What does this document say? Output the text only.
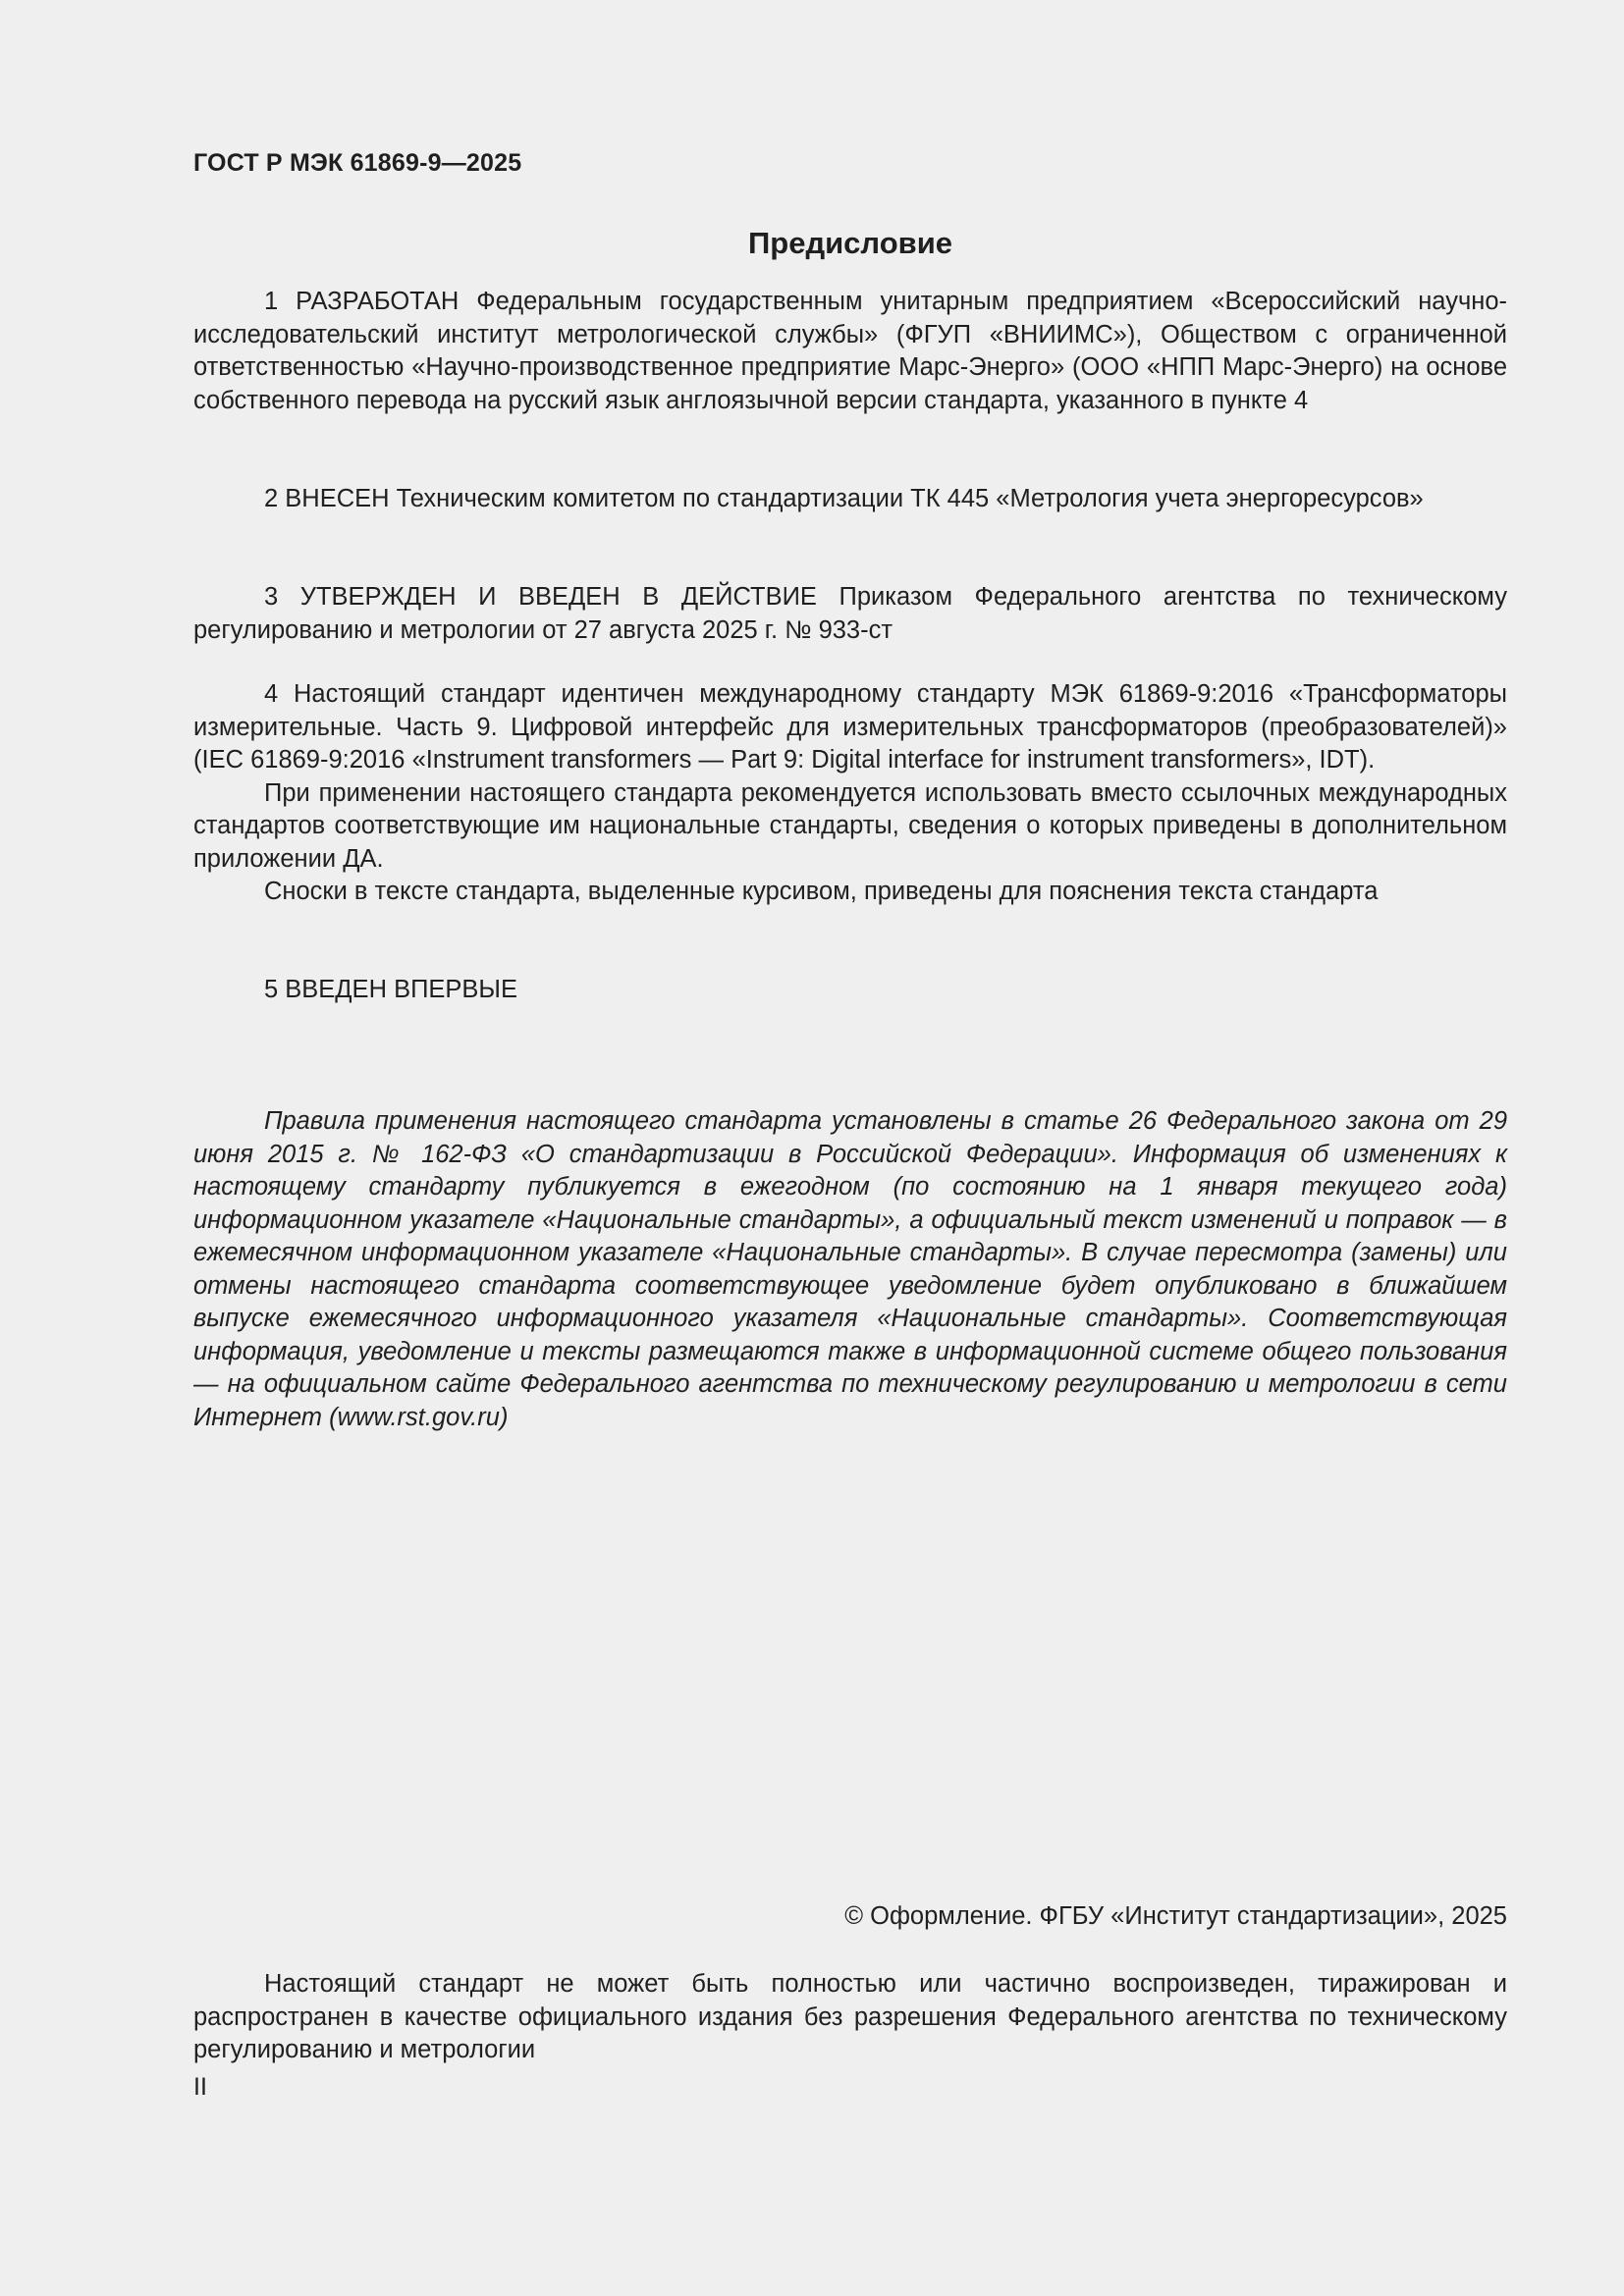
ГОСТ Р МЭК 61869-9—2025
Предисловие

1 РАЗРАБОТАН Федеральным государственным унитарным предприятием «Всероссийский научно-исследовательский институт метрологической службы» (ФГУП «ВНИИМС»), Обществом с ограниченной ответственностью «Научно-производственное предприятие Марс-Энерго» (ООО «НПП Марс-Энерго) на основе собственного перевода на русский язык англоязычной версии стандарта, указанного в пункте 4

2 ВНЕСЕН Техническим комитетом по стандартизации ТК 445 «Метрология учета энергоресурсов»

3 УТВЕРЖДЕН И ВВЕДЕН В ДЕЙСТВИЕ Приказом Федерального агентства по техническому регулированию и метрологии от 27 августа 2025 г. № 933-ст

4 Настоящий стандарт идентичен международному стандарту МЭК 61869-9:2016 «Трансформаторы измерительные. Часть 9. Цифровой интерфейс для измерительных трансформаторов (преобразователей)» (IEC 61869-9:2016 «Instrument transformers — Part 9: Digital interface for instrument transformers», IDT).

При применении настоящего стандарта рекомендуется использовать вместо ссылочных международных стандартов соответствующие им национальные стандарты, сведения о которых приведены в дополнительном приложении ДА.

Сноски в тексте стандарта, выделенные курсивом, приведены для пояснения текста стандарта

5 ВВЕДЕН ВПЕРВЫЕ

Правила применения настоящего стандарта установлены в статье 26 Федерального закона от 29 июня 2015 г. № 162-ФЗ «О стандартизации в Российской Федерации». Информация об изменениях к настоящему стандарту публикуется в ежегодном (по состоянию на 1 января текущего года) информационном указателе «Национальные стандарты», а официальный текст изменений и поправок — в ежемесячном информационном указателе «Национальные стандарты». В случае пересмотра (замены) или отмены настоящего стандарта соответствующее уведомление будет опубликовано в ближайшем выпуске ежемесячного информационного указателя «Национальные стандарты». Соответствующая информация, уведомление и тексты размещаются также в информационной системе общего пользования — на официальном сайте Федерального агентства по техническому регулированию и метрологии в сети Интернет (www.rst.gov.ru)

© Оформление. ФГБУ «Институт стандартизации», 2025

Настоящий стандарт не может быть полностью или частично воспроизведен, тиражирован и распространен в качестве официального издания без разрешения Федерального агентства по техническому регулированию и метрологии

II
